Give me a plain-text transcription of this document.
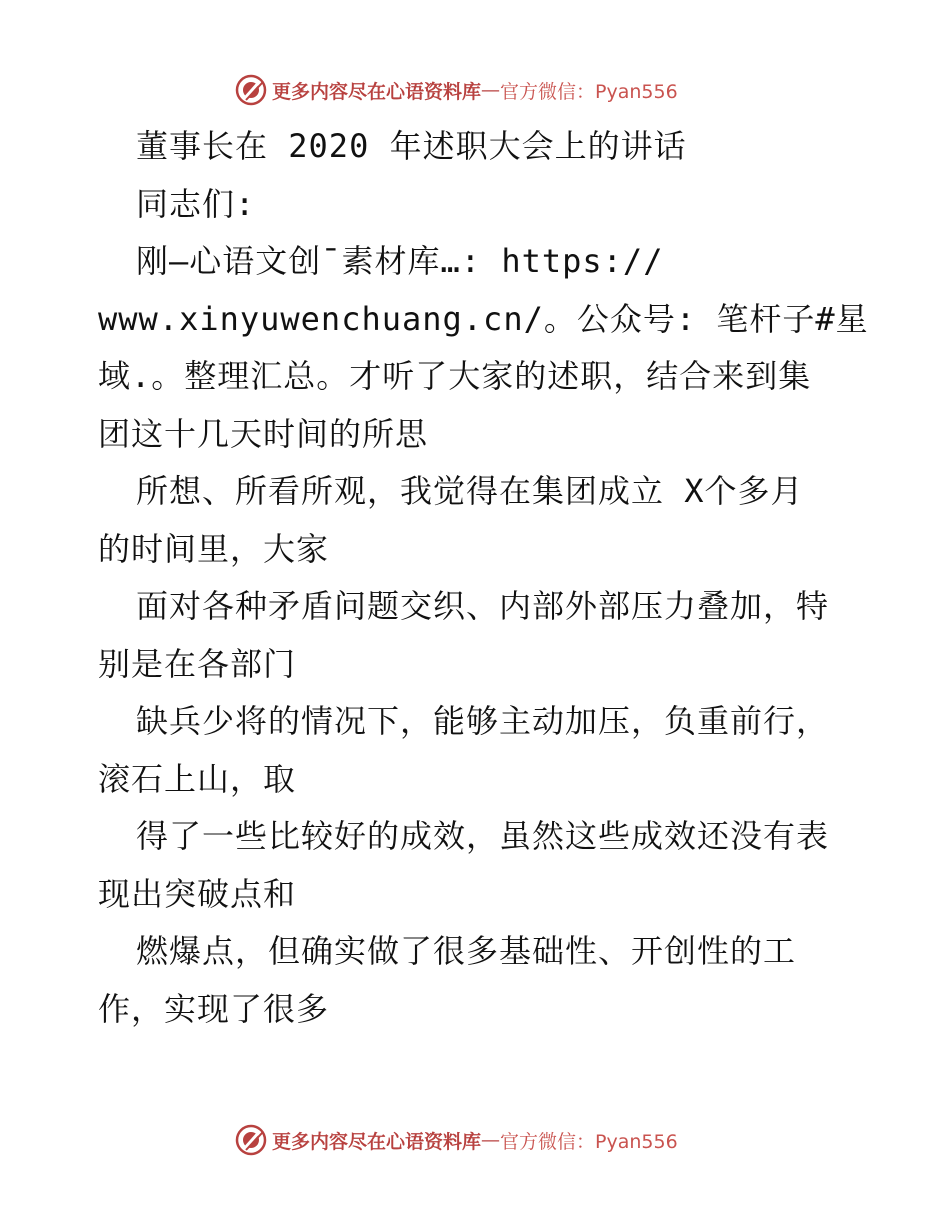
更多内容尽在心语资料库 — 官方微信：Pyan556
董事长在 2020 年述职大会上的讲话
同志们:
刚—心语文创¯素材库…: https://
www.xinyuwenchuang.cn/。公众号: 笔杆子#星
域.。整理汇总。才听了大家的述职，结合来到集
团这十几天时间的所思
所想、所看所观，我觉得在集团成立 X个多月
的时间里，大家
面对各种矛盾问题交织、内部外部压力叠加，特
别是在各部门
缺兵少将的情况下，能够主动加压，负重前行，
滚石上山，取
得了一些比较好的成效，虽然这些成效还没有表
现出突破点和
燃爆点，但确实做了很多基础性、开创性的工
作，实现了很多
更多内容尽在心语资料库 — 官方微信：Pyan556
